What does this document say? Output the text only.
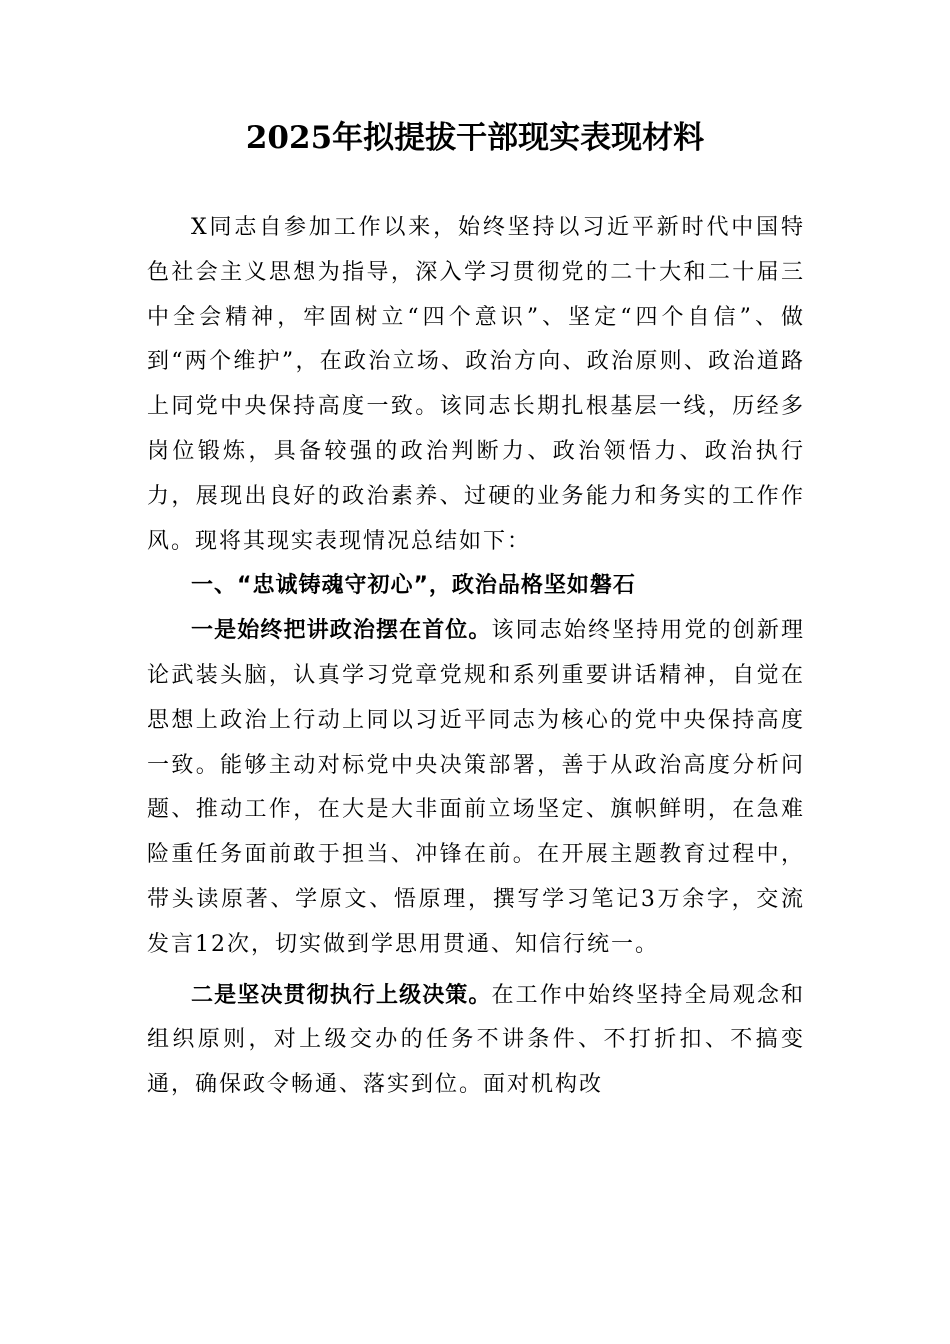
2025年拟提拔干部现实表现材料

X同志自参加工作以来，始终坚持以习近平新时代中国特色社会主义思想为指导，深入学习贯彻党的二十大和二十届三中全会精神，牢固树立“四个意识”、坚定“四个自信”、做到“两个维护”，在政治立场、政治方向、政治原则、政治道路上同党中央保持高度一致。该同志长期扎根基层一线，历经多岗位锻炼，具备较强的政治判断力、政治领悟力、政治执行力，展现出良好的政治素养、过硬的业务能力和务实的工作作风。现将其现实表现情况总结如下：

一、“忠诚铸魂守初心”，政治品格坚如磐石

一是始终把讲政治摆在首位。该同志始终坚持用党的创新理论武装头脑，认真学习党章党规和系列重要讲话精神，自觉在思想上政治上行动上同以习近平同志为核心的党中央保持高度一致。能够主动对标党中央决策部署，善于从政治高度分析问题、推动工作，在大是大非面前立场坚定、旗帜鲜明，在急难险重任务面前敢于担当、冲锋在前。在开展主题教育过程中，带头读原著、学原文、悟原理，撰写学习笔记3万余字，交流发言12次，切实做到学思用贯通、知信行统一。

二是坚决贯彻执行上级决策。在工作中始终坚持全局观念和组织原则，对上级交办的任务不讲条件、不打折扣、不搞变通，确保政令畅通、落实到位。面对机构改
